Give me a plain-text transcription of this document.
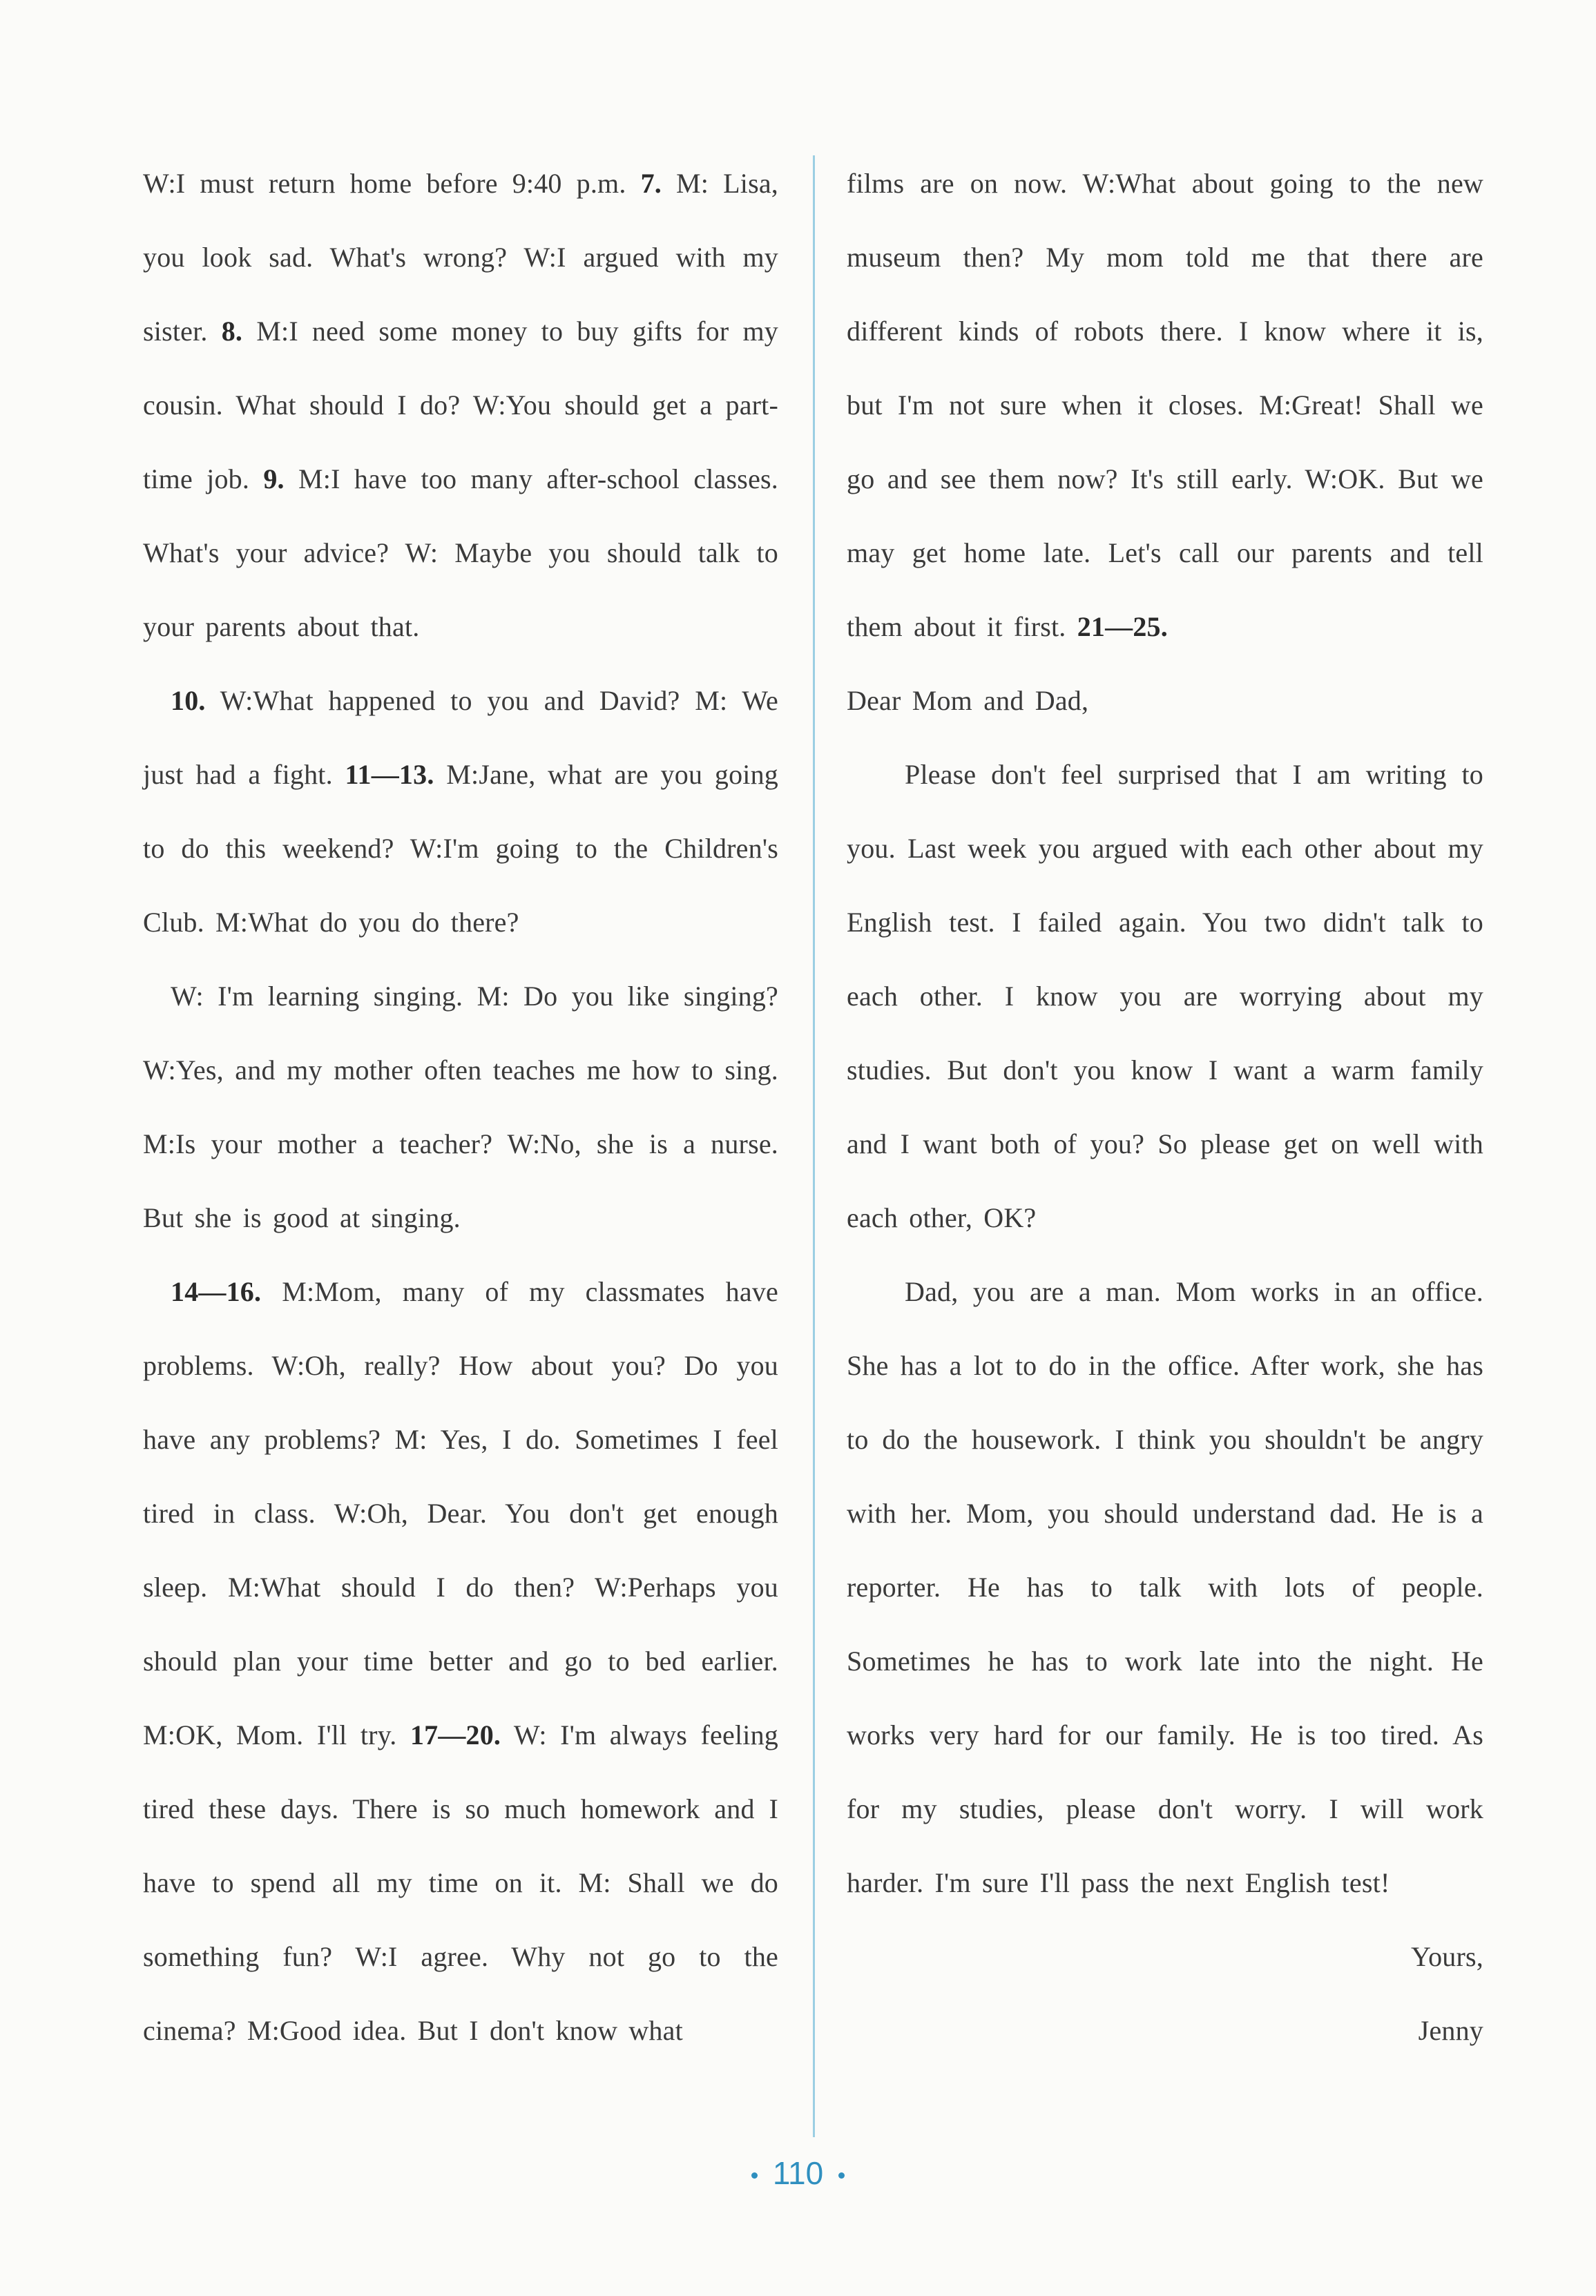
W:I must return home before 9:40 p.m. 7. M: Lisa, you look sad. What's wrong? W:I argued with my sister. 8. M:I need some money to buy gifts for my cousin. What should I do? W:You should get a part-time job. 9. M:I have too many after-school classes. What's your advice? W: Maybe you should talk to your parents about that.

10. W:What happened to you and David? M: We just had a fight. 11—13. M:Jane, what are you going to do this weekend? W:I'm going to the Children's Club. M:What do you do there?

W: I'm learning singing. M: Do you like singing? W:Yes, and my mother often teaches me how to sing. M:Is your mother a teacher? W:No, she is a nurse. But she is good at singing.

14—16. M:Mom, many of my classmates have problems. W:Oh, really? How about you? Do you have any problems? M: Yes, I do. Sometimes I feel tired in class. W:Oh, Dear. You don't get enough sleep. M:What should I do then? W:Perhaps you should plan your time better and go to bed earlier. M:OK, Mom. I'll try. 17—20. W: I'm always feeling tired these days. There is so much homework and I have to spend all my time on it. M: Shall we do something fun? W:I agree. Why not go to the cinema? M:Good idea. But I don't know what

films are on now. W:What about going to the new museum then? My mom told me that there are different kinds of robots there. I know where it is, but I'm not sure when it closes. M:Great! Shall we go and see them now? It's still early. W:OK. But we may get home late. Let's call our parents and tell them about it first. 21—25.

Dear Mom and Dad,

Please don't feel surprised that I am writing to you. Last week you argued with each other about my English test. I failed again. You two didn't talk to each other. I know you are worrying about my studies. But don't you know I want a warm family and I want both of you? So please get on well with each other, OK?

Dad, you are a man. Mom works in an office. She has a lot to do in the office. After work, she has to do the housework. I think you shouldn't be angry with her. Mom, you should understand dad. He is a reporter. He has to talk with lots of people. Sometimes he has to work late into the night. He works very hard for our family. He is too tired. As for my studies, please don't worry. I will work harder. I'm sure I'll pass the next English test!

Yours,

Jenny

110
